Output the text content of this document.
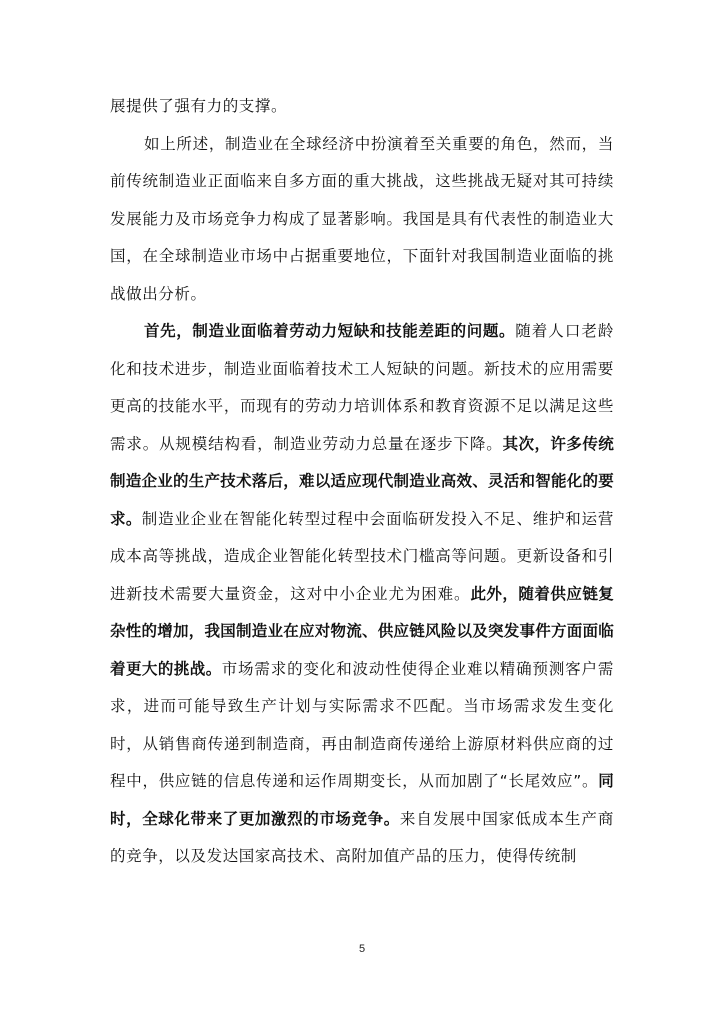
展提供了强有力的支撑。

如上所述，制造业在全球经济中扮演着至关重要的角色，然而，当前传统制造业正面临来自多方面的重大挑战，这些挑战无疑对其可持续发展能力及市场竞争力构成了显著影响。我国是具有代表性的制造业大国，在全球制造业市场中占据重要地位，下面针对我国制造业面临的挑战做出分析。

首先，制造业面临着劳动力短缺和技能差距的问题。随着人口老龄化和技术进步，制造业面临着技术工人短缺的问题。新技术的应用需要更高的技能水平，而现有的劳动力培训体系和教育资源不足以满足这些需求。从规模结构看，制造业劳动力总量在逐步下降。其次，许多传统制造企业的生产技术落后，难以适应现代制造业高效、灵活和智能化的要求。制造业企业在智能化转型过程中会面临研发投入不足、维护和运营成本高等挑战，造成企业智能化转型技术门槛高等问题。更新设备和引进新技术需要大量资金，这对中小企业尤为困难。此外，随着供应链复杂性的增加，我国制造业在应对物流、供应链风险以及突发事件方面面临着更大的挑战。市场需求的变化和波动性使得企业难以精确预测客户需求，进而可能导致生产计划与实际需求不匹配。当市场需求发生变化时，从销售商传递到制造商，再由制造商传递给上游原材料供应商的过程中，供应链的信息传递和运作周期变长，从而加剧了“长尾效应”。同时，全球化带来了更加激烈的市场竞争。来自发展中国家低成本生产商的竞争，以及发达国家高技术、高附加值产品的压力，使得传统制

5
